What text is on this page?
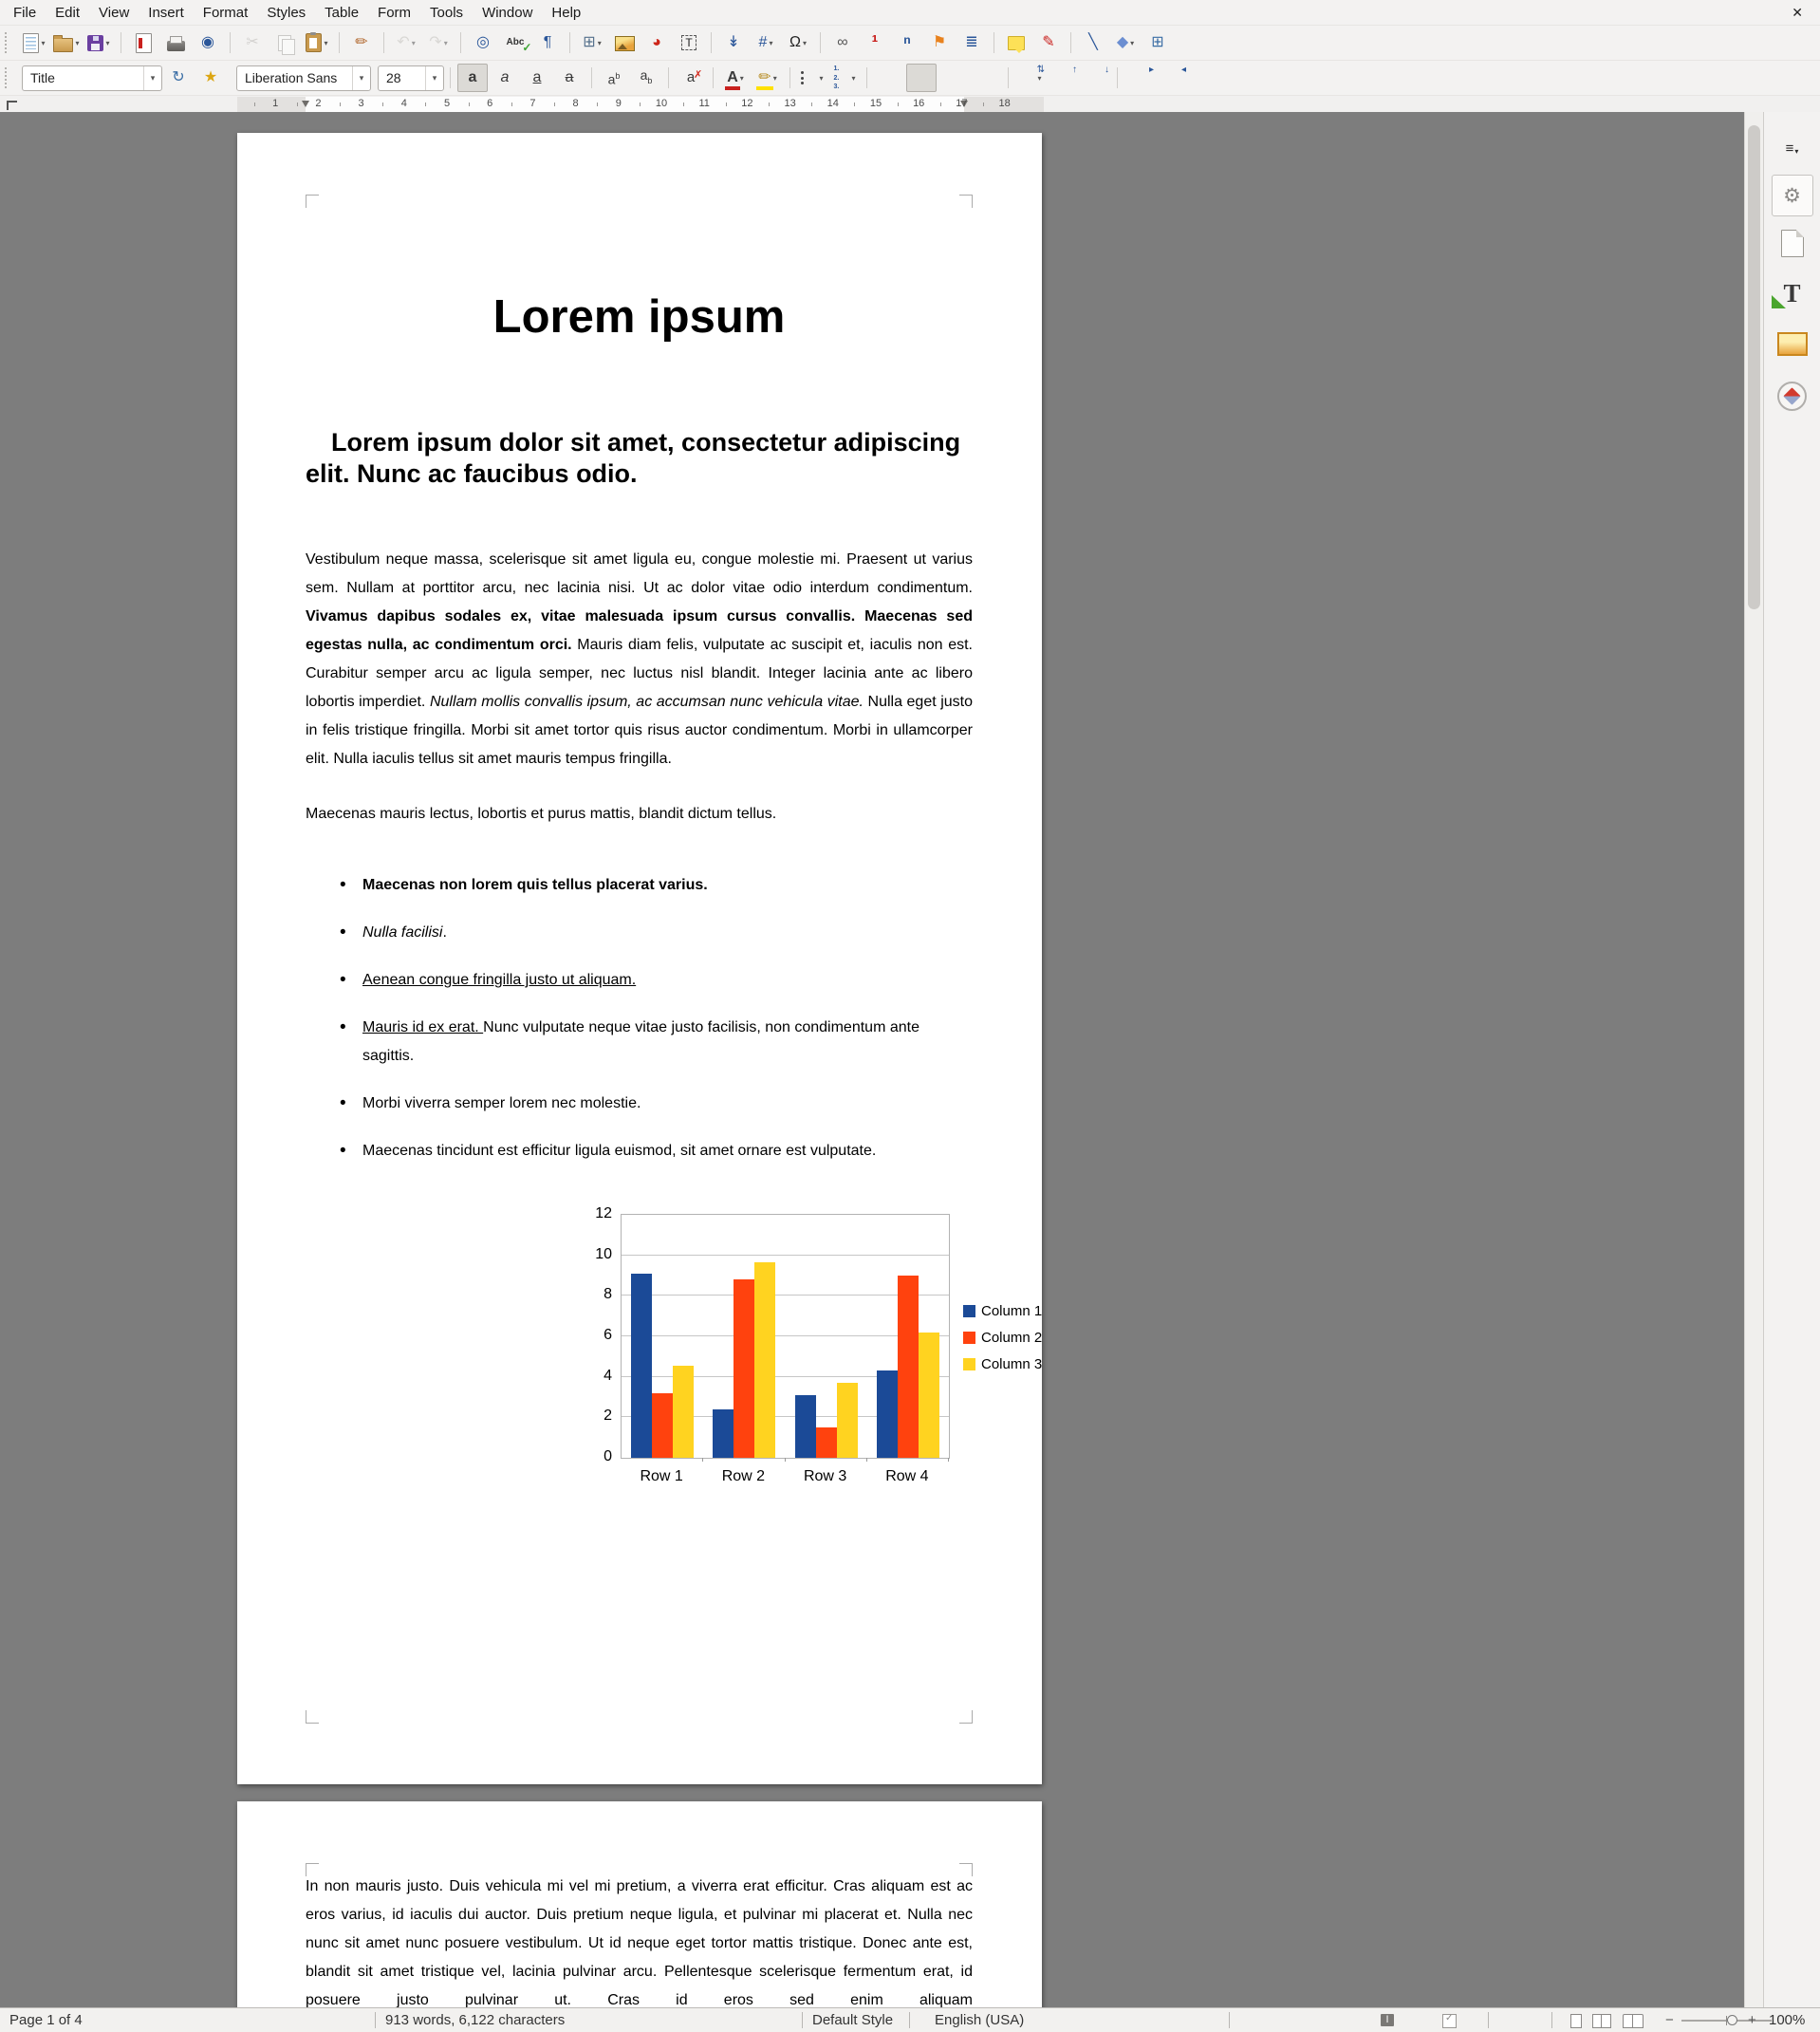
File	Edit	View	Insert	Format	Styles	Table	Form	Tools	Window	Help	✕
▾	▾	▾	◉ ✂	▾ ✏ ↶ ▾ ↷ ▾ ◎ Abc ✓ ¶ ⊞ ▾	◕	T ↡ # ▾ Ω ▾ ∞ ¹ ⁿ ⚑ ≣	✎ ╲ ◆ ▾ ⊞
Title	▾	↻ ★	Liberation Sans	▾	28	▾	a a a a	$a^b$ $a_b$ a ✗ A ▾ ✏ ▾	▾
1.
2.
3.
▾
⇅
▾
↑	↓	▸	◂
1	2	3	4	5	6	7	8	9	10	11	12	13	14	15	16	17	18
Lorem ipsum
Lorem ipsum dolor sit amet, consectetur adipiscing elit. Nunc ac faucibus odio.

Vestibulum neque massa, scelerisque sit amet ligula eu, congue molestie mi. Praesent ut varius sem. Nullam at porttitor arcu, nec lacinia nisi. Ut ac dolor vitae odio interdum condimentum. Vivamus dapibus sodales ex, vitae malesuada ipsum cursus convallis. Maecenas sed egestas nulla, ac condimentum orci. Mauris diam felis, vulputate ac suscipit et, iaculis non est. Curabitur semper arcu ac ligula semper, nec luctus nisl blandit. Integer lacinia ante ac libero lobortis imperdiet. Nullam mollis convallis ipsum, ac accumsan nunc vehicula vitae. Nulla eget justo in felis tristique fringilla. Morbi sit amet tortor quis risus auctor condimentum. Morbi in ullamcorper elit. Nulla iaculis tellus sit amet mauris tempus fringilla.

Maecenas mauris lectus, lobortis et purus mattis, blandit dictum tellus.

• Maecenas non lorem quis tellus placerat varius.
• Nulla facilisi.
• Aenean congue fringilla justo ut aliquam.
• Mauris id ex erat. Nunc vulputate neque vitae justo facilisis, non condimentum ante sagittis.
• Morbi viverra semper lorem nec molestie.
• Maecenas tincidunt est efficitur ligula euismod, sit amet ornare est vulputate.
0
2
4
6
8
10
12
Row 1	Row 2	Row 3	Row 4
Column 1
Column 2
Column 3

In non mauris justo. Duis vehicula mi vel mi pretium, a viverra erat efficitur. Cras aliquam est ac eros varius, id iaculis dui auctor. Duis pretium neque ligula, et pulvinar mi placerat et. Nulla nec nunc sit amet nunc posuere vestibulum. Ut id neque eget tortor mattis tristique. Donec ante est, blandit sit amet tristique vel, lacinia pulvinar arcu. Pellentesque scelerisque fermentum erat, id posuere justo pulvinar ut. Cras id eros sed enim aliquam

≡ ▾
⚙
T
Page 1 of 4	913 words, 6,122 characters	Default Style	English (USA)	I ✓	−	+ 100%
